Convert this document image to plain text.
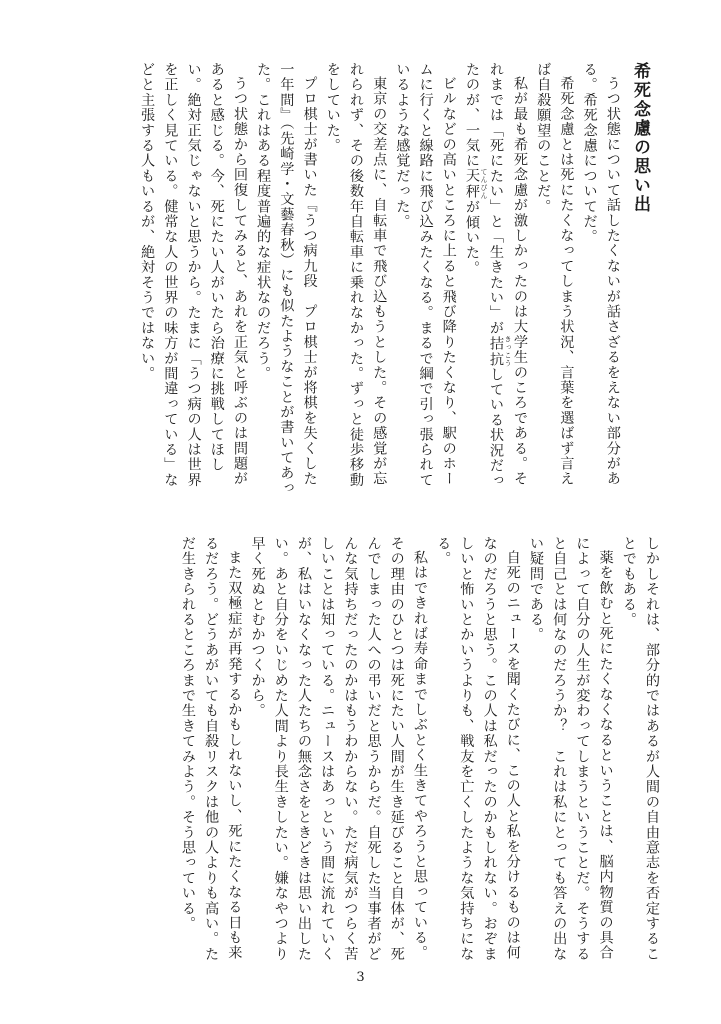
希死念慮の思い出

うつ状態について話したくないが話さざるをえない部分がある。希死念慮についてだ。

希死念慮とは死にたくなってしまう状況、言葉を選ばず言えば自殺願望のことだ。

私が最も希死念慮が激しかったのは大学生のころである。それまでは「死にたい」と「生きたい」が拮抗 きっこうしている状況だったのが、一気に天秤 てんびんが傾いた。

ビルなどの高いところに上ると飛び降りたくなり、駅のホームに行くと線路に飛び込みたくなる。まるで綱で引っ張られているような感覚だった。

東京の交差点に、自転車で飛び込もうとした。その感覚が忘れられず、その後数年自転車に乗れなかった。ずっと徒歩移動をしていた。

プロ棋士が書いた『うつ病九段　プロ棋士が将棋を失くした一年間』（先崎学・文藝春秋）にも似たようなことが書いてあった。これはある程度普遍的な症状なのだろう。

うつ状態から回復してみると、あれを正気と呼ぶのは問題があると感じる。今、死にたい人がいたら治療に挑戦してほしい。絶対正気じゃないと思うから。たまに「うつ病の人は世界を正しく見ている。健常な人の世界の味方が間違っている」などと主張する人もいるが、絶対そうではない。

しかしそれは、部分的ではあるが人間の自由意志を否定することでもある。

薬を飲むと死にたくなくなるということは、脳内物質の具合によって自分の人生が変わってしまうということだ。そうすると自己とは何なのだろうか？　これは私にとっても答えの出ない疑問である。

自死のニュースを聞くたびに、この人と私を分けるものは何なのだろうと思う。この人は私だったのかもしれない。おぞましいと怖いとかいうよりも、戦友を亡くしたような気持ちになる。

私はできれば寿命までしぶとく生きてやろうと思っている。その理由のひとつは死にたい人間が生き延びること自体が、死んでしまった人への弔いだと思うからだ。自死した当事者がどんな気持ちだったのかはもうわからない。ただ病気がつらく苦しいことは知っている。ニュースはあっという間に流れていくが、私はいなくなった人たちの無念さをときどきは思い出したい。あと自分をいじめた人間より長生きしたい。嫌なやつより早く死ぬとむかつくから。

また双極症が再発するかもしれないし、死にたくなる日も来るだろう。どうあがいても自殺リスクは他の人よりも高い。ただ生きられるところまで生きてみよう。そう思っている。

3
